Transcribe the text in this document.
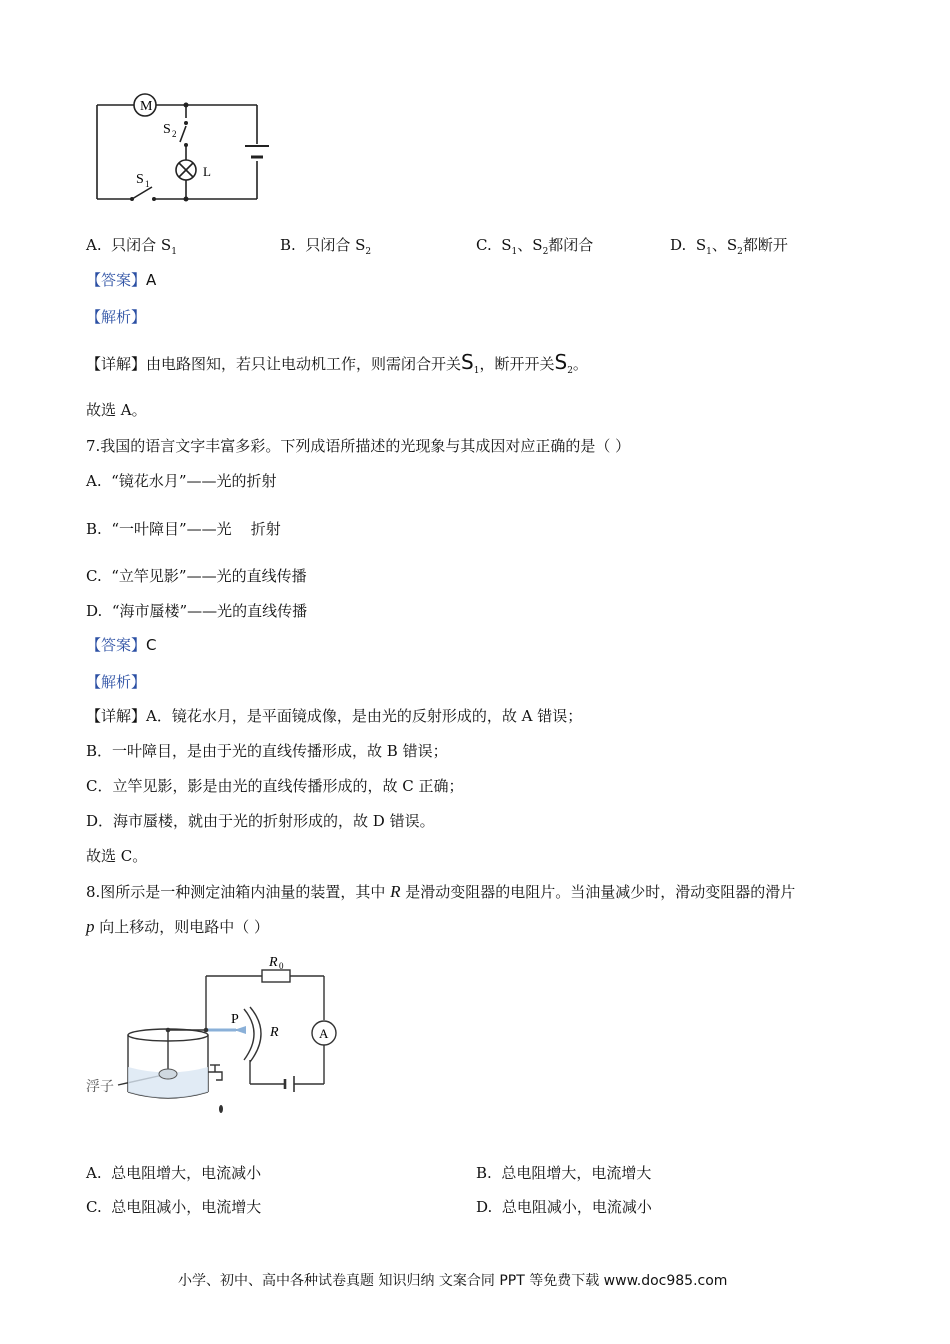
M
L
S 2
S 1
A. 只闭合 $S_1$	B. 只闭合 $S_2$	C. $S_1$、$S_2$都闭合	D. $S_1$、$S_2$都断开
【答案】A
【解析】
【详解】由电路图知，若只让电动机工作，则需闭合开关$S_1$，断开开关$S_2$。
故选 A。
7.我国的语言文字丰富多彩。下列成语所描述的光现象与其成因对应正确的是（ ）
A. “镜花水月”——光的折射
B. “一叶障目”——光    折射
C. “立竿见影”——光的直线传播
D. “海市蜃楼”——光的直线传播
【答案】C
【解析】
【详解】A．镜花水月，是平面镜成像，是由光的反射形成的，故 A 错误；
B．一叶障目，是由于光的直线传播形成，故 B 错误；
C．立竿见影，影是由光的直线传播形成的，故 C 正确；
D．海市蜃楼，就由于光的折射形成的，故 D 错误。
故选 C。
8.图所示是一种测定油箱内油量的装置，其中 R 是滑动变阻器的电阻片。当油量减少时，滑动变阻器的滑片
p 向上移动，则电路中（ ）
R 0
P
R	A
浮子
A. 总电阻增大，电流减小	B. 总电阻增大，电流增大
C. 总电阻减小，电流增大	D. 总电阻减小，电流减小
小学、初中、高中各种试卷真题 知识归纳 文案合同 PPT 等免费下载 www.doc985.com
